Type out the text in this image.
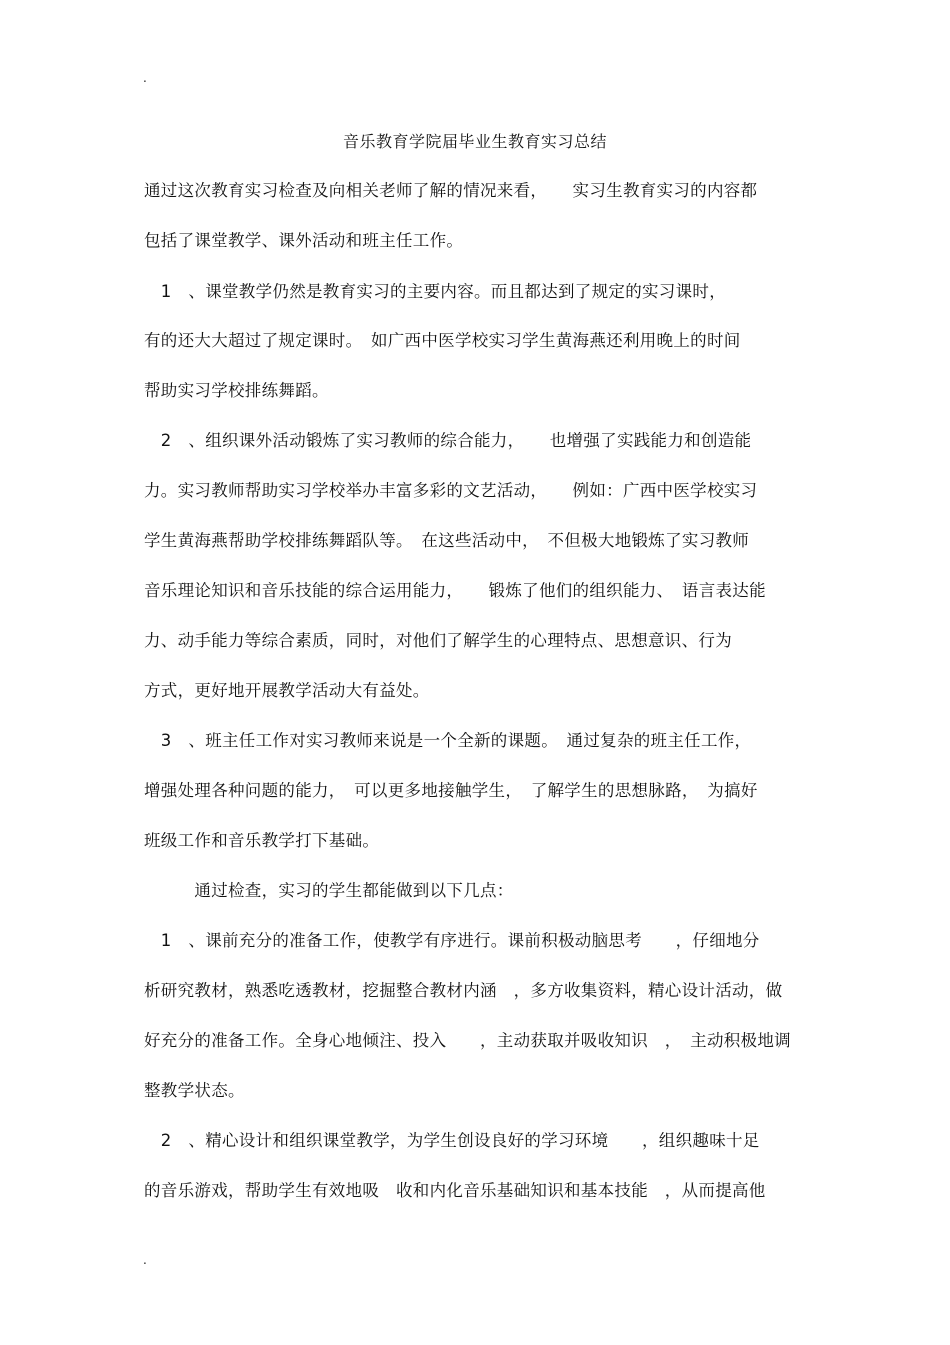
.
音乐教育学院届毕业生教育实习总结
通过这次教育实习检查及向相关老师了解的情况来看，　　实习生教育实习的内容都
包括了课堂教学、课外活动和班主任工作。
　1　、课堂教学仍然是教育实习的主要内容。而且都达到了规定的实习课时，
有的还大大超过了规定课时。　如广西中医学校实习学生黄海燕还利用晚上的时间
帮助实习学校排练舞蹈。
　2　、组织课外活动锻炼了实习教师的综合能力，　　也增强了实践能力和创造能
力。实习教师帮助实习学校举办丰富多彩的文艺活动，　　例如：广西中医学校实习
学生黄海燕帮助学校排练舞蹈队等。　在这些活动中，　不但极大地锻炼了实习教师
音乐理论知识和音乐技能的综合运用能力，　　锻炼了他们的组织能力、　语言表达能
力、动手能力等综合素质，同时，对他们了解学生的心理特点、思想意识、行为
方式，更好地开展教学活动大有益处。
　3　、班主任工作对实习教师来说是一个全新的课题。　通过复杂的班主任工作，
增强处理各种问题的能力，　可以更多地接触学生，　了解学生的思想脉路，　为搞好
班级工作和音乐教学打下基础。
　　　通过检查，实习的学生都能做到以下几点：
　1　、课前充分的准备工作，使教学有序进行。课前积极动脑思考　　，仔细地分
析研究教材，熟悉吃透教材，挖掘整合教材内涵　，多方收集资料，精心设计活动，做
好充分的准备工作。全身心地倾注、投入　　，主动获取并吸收知识　，　主动积极地调
整教学状态。
　2　、精心设计和组织课堂教学，为学生创设良好的学习环境　　，组织趣味十足
的音乐游戏，帮助学生有效地吸　收和内化音乐基础知识和基本技能　，从而提高他
.
